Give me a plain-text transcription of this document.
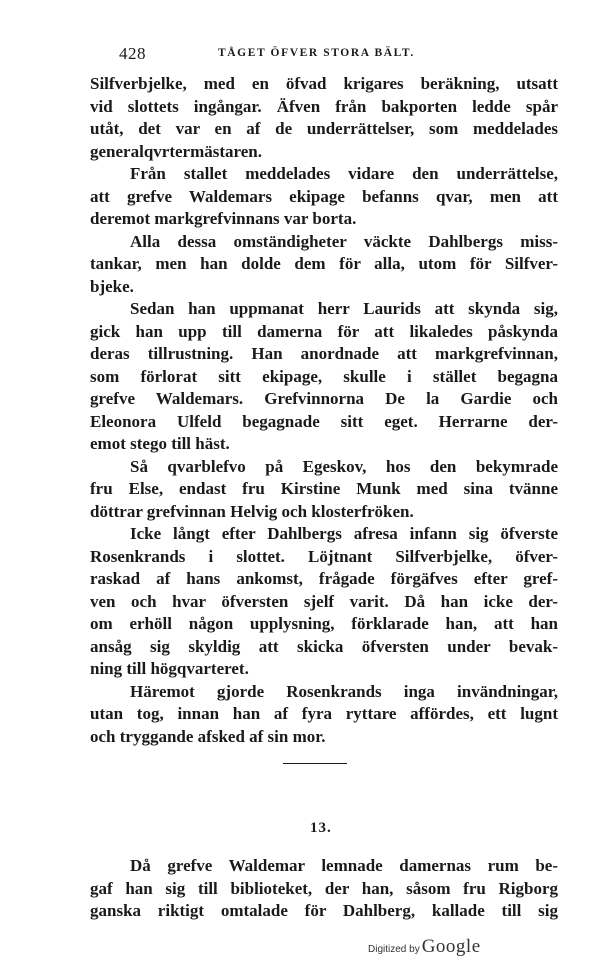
428	TÅGET ÖFVER STORA BÄLT.

Silfverbjelke, med en öfvad krigares beräkning, utsatt
vid slottets ingångar. Äfven från bakporten ledde spår
utåt, det var en af de underrättelser, som meddelades
generalqvrtermästaren.

Från stallet meddelades vidare den underrättelse,
att grefve Waldemars ekipage befanns qvar, men att
deremot markgrefvinnans var borta.

Alla dessa omständigheter väckte Dahlbergs miss-
tankar, men han dolde dem för alla, utom för Silfver-
bjeke.

Sedan han uppmanat herr Laurids att skynda sig,
gick han upp till damerna för att likaledes påskynda
deras tillrustning. Han anordnade att markgrefvinnan,
som förlorat sitt ekipage, skulle i stället begagna
grefve Waldemars. Grefvinnorna De la Gardie och
Eleonora Ulfeld begagnade sitt eget. Herrarne der-
emot stego till häst.

Så qvarblefvo på Egeskov, hos den bekymrade
fru Else, endast fru Kirstine Munk med sina tvänne
döttrar grefvinnan Helvig och klosterfröken.

Icke långt efter Dahlbergs afresa infann sig öfverste
Rosenkrands i slottet. Löjtnant Silfverbjelke, öfver-
raskad af hans ankomst, frågade förgäfves efter gref-
ven och hvar öfversten sjelf varit. Då han icke der-
om erhöll någon upplysning, förklarade han, att han
ansåg sig skyldig att skicka öfversten under bevak-
ning till högqvarteret.

Häremot gjorde Rosenkrands inga invändningar,
utan tog, innan han af fyra ryttare affördes, ett lugnt
och tryggande afsked af sin mor.

13.

Då grefve Waldemar lemnade damernas rum be-
gaf han sig till biblioteket, der han, såsom fru Rigborg
ganska riktigt omtalade för Dahlberg, kallade till sig

Digitized by Google
